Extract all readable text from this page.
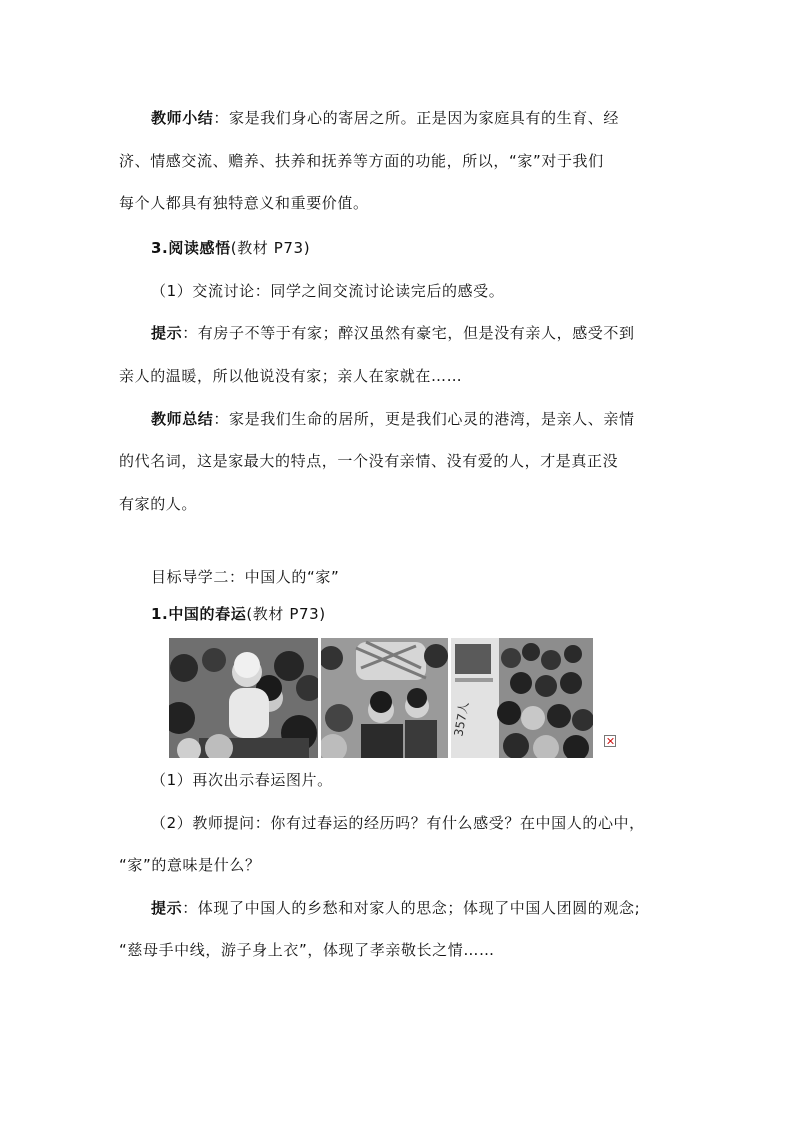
教师小结：家是我们身心的寄居之所。正是因为家庭具有的生育、经
济、情感交流、赡养、扶养和抚养等方面的功能，所以，“家”对于我们
每个人都具有独特意义和重要价值。
3.阅读感悟(教材 P73)
（1）交流讨论：同学之间交流讨论读完后的感受。
提示：有房子不等于有家；醉汉虽然有豪宅，但是没有亲人，感受不到
亲人的温暖，所以他说没有家；亲人在家就在……
教师总结：家是我们生命的居所，更是我们心灵的港湾，是亲人、亲情
的代名词，这是家最大的特点，一个没有亲情、没有爱的人，才是真正没
有家的人。
目标导学二：中国人的“家”
1.中国的春运(教材 P73)
357人
（1）再次出示春运图片。
（2）教师提问：你有过春运的经历吗？有什么感受？在中国人的心中，
“家”的意味是什么？
提示：体现了中国人的乡愁和对家人的思念；体现了中国人团圆的观念;
“慈母手中线，游子身上衣”，体现了孝亲敬长之情……
